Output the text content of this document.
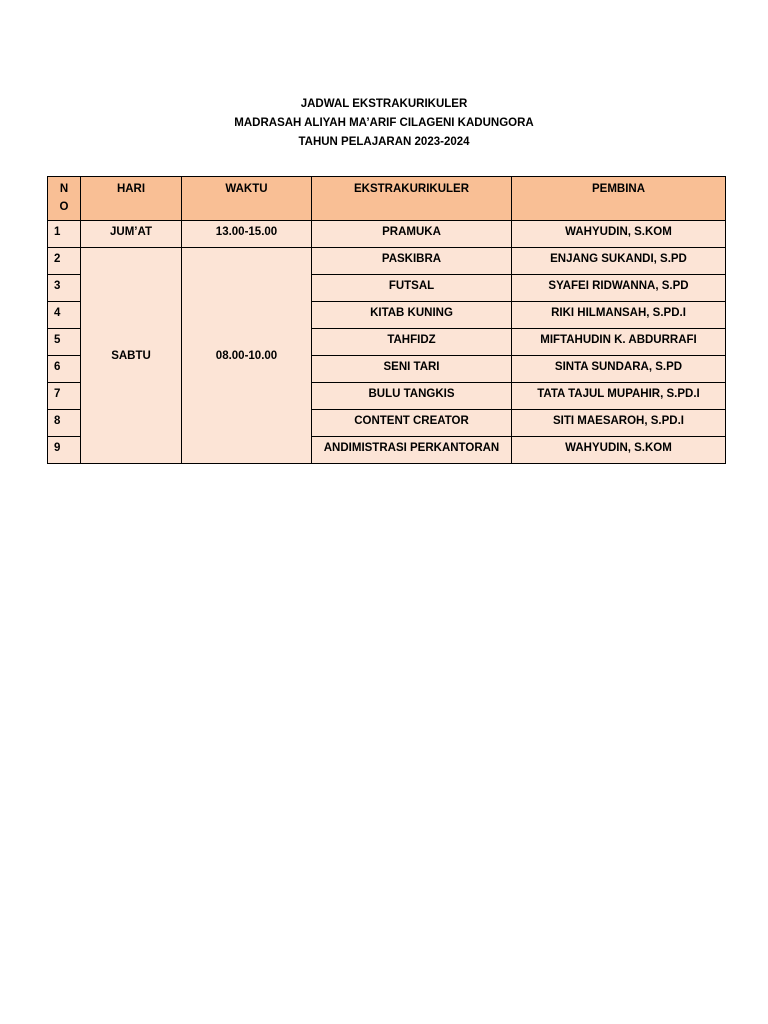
JADWAL EKSTRAKURIKULER
MADRASAH ALIYAH MA’ARIF CILAGENI KADUNGORA
TAHUN PELAJARAN 2023-2024
N
O	HARI	WAKTU	EKSTRAKURIKULER	PEMBINA
1	JUM’AT	13.00-15.00	PRAMUKA	WAHYUDIN, S.KOM
2	SABTU	08.00-10.00	PASKIBRA	ENJANG SUKANDI, S.PD
3			FUTSAL	SYAFEI RIDWANNA, S.PD
4			KITAB KUNING	RIKI HILMANSAH, S.PD.I
5			TAHFIDZ	MIFTAHUDIN K. ABDURRAFI
6			SENI TARI	SINTA SUNDARA, S.PD
7			BULU TANGKIS	TATA TAJUL MUPAHIR, S.PD.I
8			CONTENT CREATOR	SITI MAESAROH, S.PD.I
9			ANDIMISTRASI PERKANTORAN	WAHYUDIN, S.KOM
